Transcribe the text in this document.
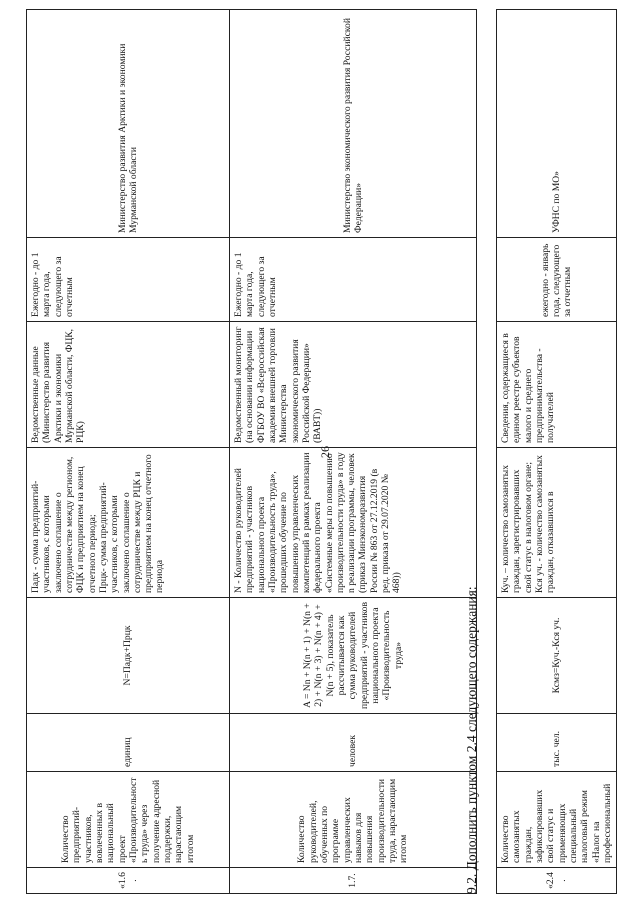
26
«1.6.	Количество предприятий-участников, вовлеченных в национальный проект «Производительность труда» через получение адресной поддержки, нарастающим итогом	единиц	N=Падк+Прцк	Падк - сумма предприятий-участников, с которыми заключено соглашение о сотрудничестве между регионом, ФЦК и предприятием на конец отчетного периода;
Прцк- сумма предприятий-участников, с которыми заключено соглашение о сотрудничестве между РЦК и предприятием на конец отчетного периода	Ведомственные данные (Министерство развития Арктики и экономики Мурманской области, ФЦК, РЦК)	Ежегодно - до 1 марта года, следующего за отчетным	Министерство развития Арктики и экономики Мурманской области
1.7.	Количество руководителей, обученных по программе управленческих навыков для повышения производительности труда, нарастающим итогом	человек	A = Nn + N(n + 1) + N(n + 2) + N(n + 3) + N(n + 4) + N(n + 5), показатель рассчитывается как сумма руководителей предприятий - участников национального проекта «Производительность труда»	N - Количество руководителей предприятий - участников национального проекта «Производительность труда», прошедших обучение по повышению управленческих компетенций в рамках реализации федерального проекта «Системные меры по повышению производительности труда» в году n реализации программы, человек
(приказ Минэкономразвития России № 863 от 27.12.2019 (в ред. приказа от 29.07.2020 № 468))	Ведомственный мониторинг (на основании информации ФГБОУ ВО «Всероссийская академия внешней торговли Министерства экономического развития Российской Федерации» (ВАВТ))	Ежегодно - до 1 марта года, следующего за отчетным	Министерство экономического развития Российской Федерации»
9.2. Дополнить пунктом 2.4 следующего содержания:	«2.4.	Количество самозанятых граждан, зафиксировавших свой статус и применяющих специальный налоговый режим «Налог на профессиональный	тыс. чел.	Ксмз=Куч.-Кся уч.	Куч. – количество самозанятых граждан, зарегистрировавших свой статус в налоговом органе;
Кся уч. - количество самозанятых граждан, отказавшихся в	Сведения, содержащиеся в едином реестре субъектов малого и среднего предпринимательства - получателей	ежегодно - январь года, следующего за отчетным	УФНС по МО»
